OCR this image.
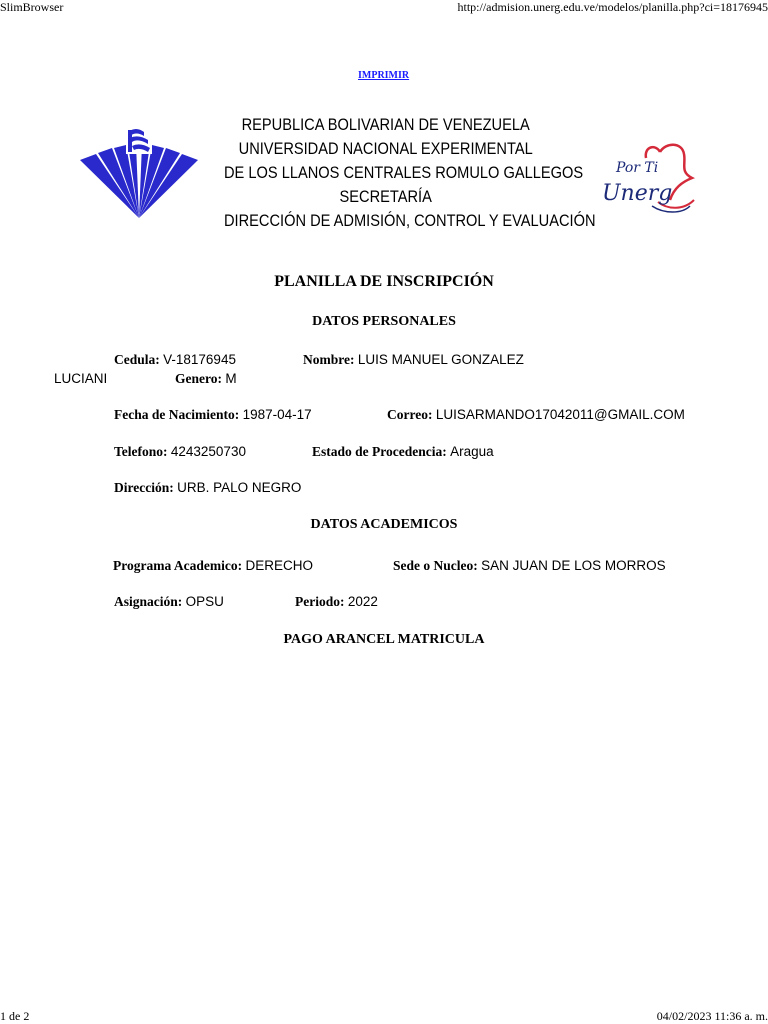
SlimBrowser	http://admision.unerg.edu.ve/modelos/planilla.php?ci=18176945
IMPRIMIR
REPUBLICA BOLIVARIAN DE VENEZUELA
UNIVERSIDAD NACIONAL EXPERIMENTAL
DE LOS LLANOS CENTRALES ROMULO GALLEGOS
SECRETARÍA
DIRECCIÓN DE ADMISIÓN, CONTROL Y EVALUACIÓN
Por Ti
Unerg
PLANILLA DE INSCRIPCIÓN
DATOS PERSONALES
Cedula: V-18176945	Nombre: LUIS MANUEL GONZALEZ
LUCIANI	Genero: M
Fecha de Nacimiento: 1987-04-17	Correo: LUISARMANDO17042011@GMAIL.COM
Telefono: 4243250730	Estado de Procedencia: Aragua
Dirección: URB. PALO NEGRO
DATOS ACADEMICOS
Programa Academico: DERECHO	Sede o Nucleo: SAN JUAN DE LOS MORROS
Asignación: OPSU	Periodo: 2022
PAGO ARANCEL MATRICULA
1 de 2	04/02/2023 11:36 a. m.
